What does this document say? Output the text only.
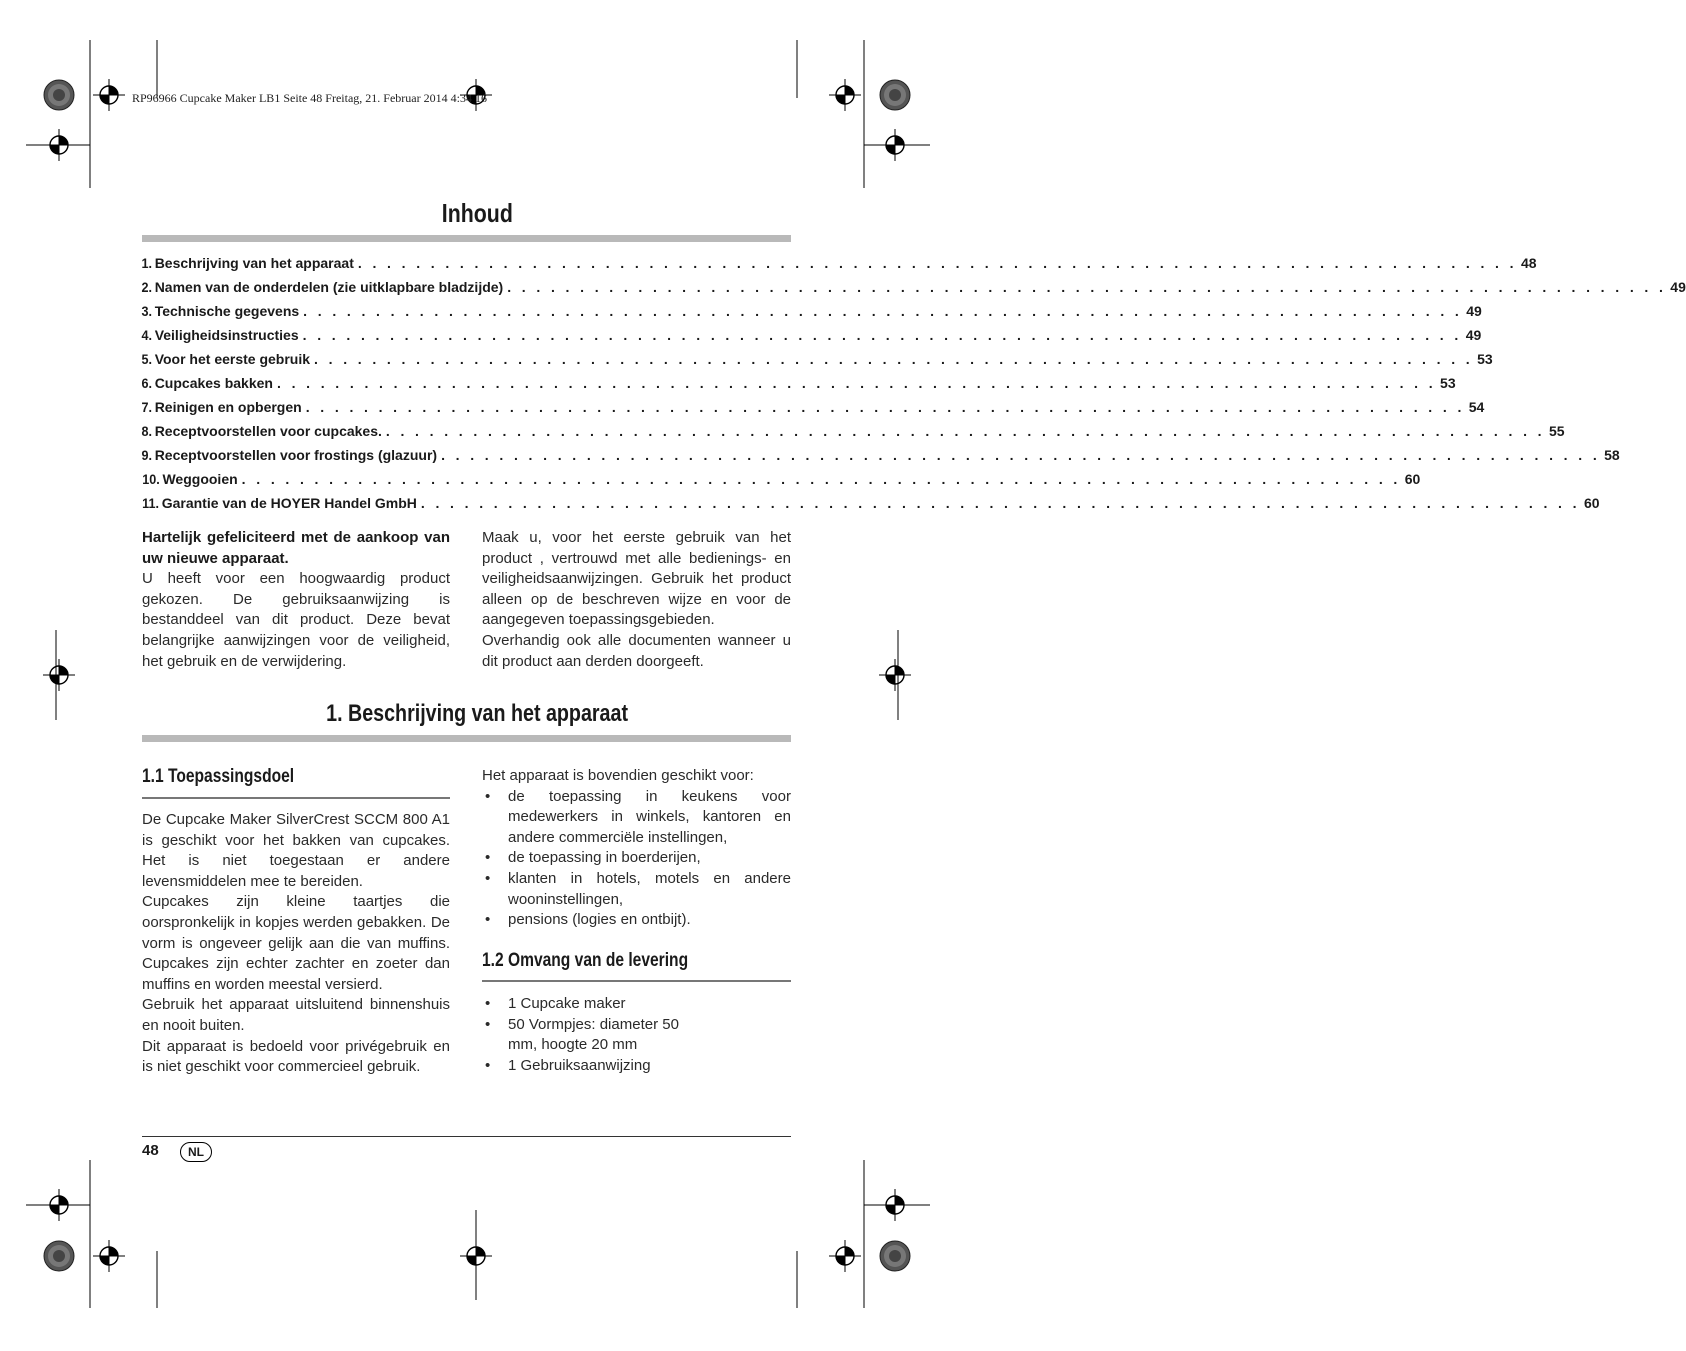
RP96966 Cupcake Maker LB1 Seite 48 Freitag, 21. Februar 2014 4:34 16
Inhoud
1. Beschrijving van het apparaat . . . . . . . . . . . . . . . . . . . . . . . . . . . . . . . . . . . . . . . . . . . . . . . . . . . . . . . . . . . . . . . . . . . . . . . . . . . . . . . . 48
2. Namen van de onderdelen (zie uitklapbare bladzijde) . . . . . . . . . . . . . . . . . . . . . . . . . . . . . . . . . . . . . . . . . . . . . . . . . . . . . . . . . . . . . . . . . . . . . . . . . . . . . . . . 49
3. Technische gegevens . . . . . . . . . . . . . . . . . . . . . . . . . . . . . . . . . . . . . . . . . . . . . . . . . . . . . . . . . . . . . . . . . . . . . . . . . . . . . . . . 49
4. Veiligheidsinstructies . . . . . . . . . . . . . . . . . . . . . . . . . . . . . . . . . . . . . . . . . . . . . . . . . . . . . . . . . . . . . . . . . . . . . . . . . . . . . . . . 49
5. Voor het eerste gebruik . . . . . . . . . . . . . . . . . . . . . . . . . . . . . . . . . . . . . . . . . . . . . . . . . . . . . . . . . . . . . . . . . . . . . . . . . . . . . . . . 53
6. Cupcakes bakken . . . . . . . . . . . . . . . . . . . . . . . . . . . . . . . . . . . . . . . . . . . . . . . . . . . . . . . . . . . . . . . . . . . . . . . . . . . . . . . . 53
7. Reinigen en opbergen . . . . . . . . . . . . . . . . . . . . . . . . . . . . . . . . . . . . . . . . . . . . . . . . . . . . . . . . . . . . . . . . . . . . . . . . . . . . . . . . 54
8. Receptvoorstellen voor cupcakes. . . . . . . . . . . . . . . . . . . . . . . . . . . . . . . . . . . . . . . . . . . . . . . . . . . . . . . . . . . . . . . . . . . . . . . . . . . . . . . . . 55
9. Receptvoorstellen voor frostings (glazuur) . . . . . . . . . . . . . . . . . . . . . . . . . . . . . . . . . . . . . . . . . . . . . . . . . . . . . . . . . . . . . . . . . . . . . . . . . . . . . . . . 58
10. Weggooien . . . . . . . . . . . . . . . . . . . . . . . . . . . . . . . . . . . . . . . . . . . . . . . . . . . . . . . . . . . . . . . . . . . . . . . . . . . . . . . . 60
11. Garantie van de HOYER Handel GmbH . . . . . . . . . . . . . . . . . . . . . . . . . . . . . . . . . . . . . . . . . . . . . . . . . . . . . . . . . . . . . . . . . . . . . . . . . . . . . . . . 60
Hartelijk gefeliciteerd met de aankoop van uw nieuwe apparaat.
U heeft voor een hoogwaardig product gekozen. De gebruiksaanwijzing is bestanddeel van dit product. Deze bevat belangrijke aanwijzingen voor de veiligheid, het gebruik en de verwijdering.
Maak u, voor het eerste gebruik van het product , vertrouwd met alle bedienings- en veiligheidsaanwijzingen. Gebruik het product alleen op de beschreven wijze en voor de aangegeven toepassingsgebieden.
Overhandig ook alle documenten wanneer u dit product aan derden doorgeeft.
1. Beschrijving van het apparaat
1.1 Toepassingsdoel
De Cupcake Maker SilverCrest SCCM 800 A1 is geschikt voor het bakken van cupcakes. Het is niet toegestaan er andere levensmiddelen mee te bereiden.
Cupcakes zijn kleine taartjes die oorspronkelijk in kopjes werden gebakken. De vorm is ongeveer gelijk aan die van muffins. Cupcakes zijn echter zachter en zoeter dan muffins en worden meestal versierd.
Gebruik het apparaat uitsluitend binnenshuis en nooit buiten.
Dit apparaat is bedoeld voor privégebruik en is niet geschikt voor commercieel gebruik.
Het apparaat is bovendien geschikt voor:
• de toepassing in keukens voor medewerkers in winkels, kantoren en andere commerciële instellingen,
• de toepassing in boerderijen,
• klanten in hotels, motels en andere wooninstellingen,
• pensions (logies en ontbijt).
1.2 Omvang van de levering
• 1 Cupcake maker
• 50 Vormpjes: diameter 50 mm, hoogte 20 mm
• 1 Gebruiksaanwijzing
48	NL
